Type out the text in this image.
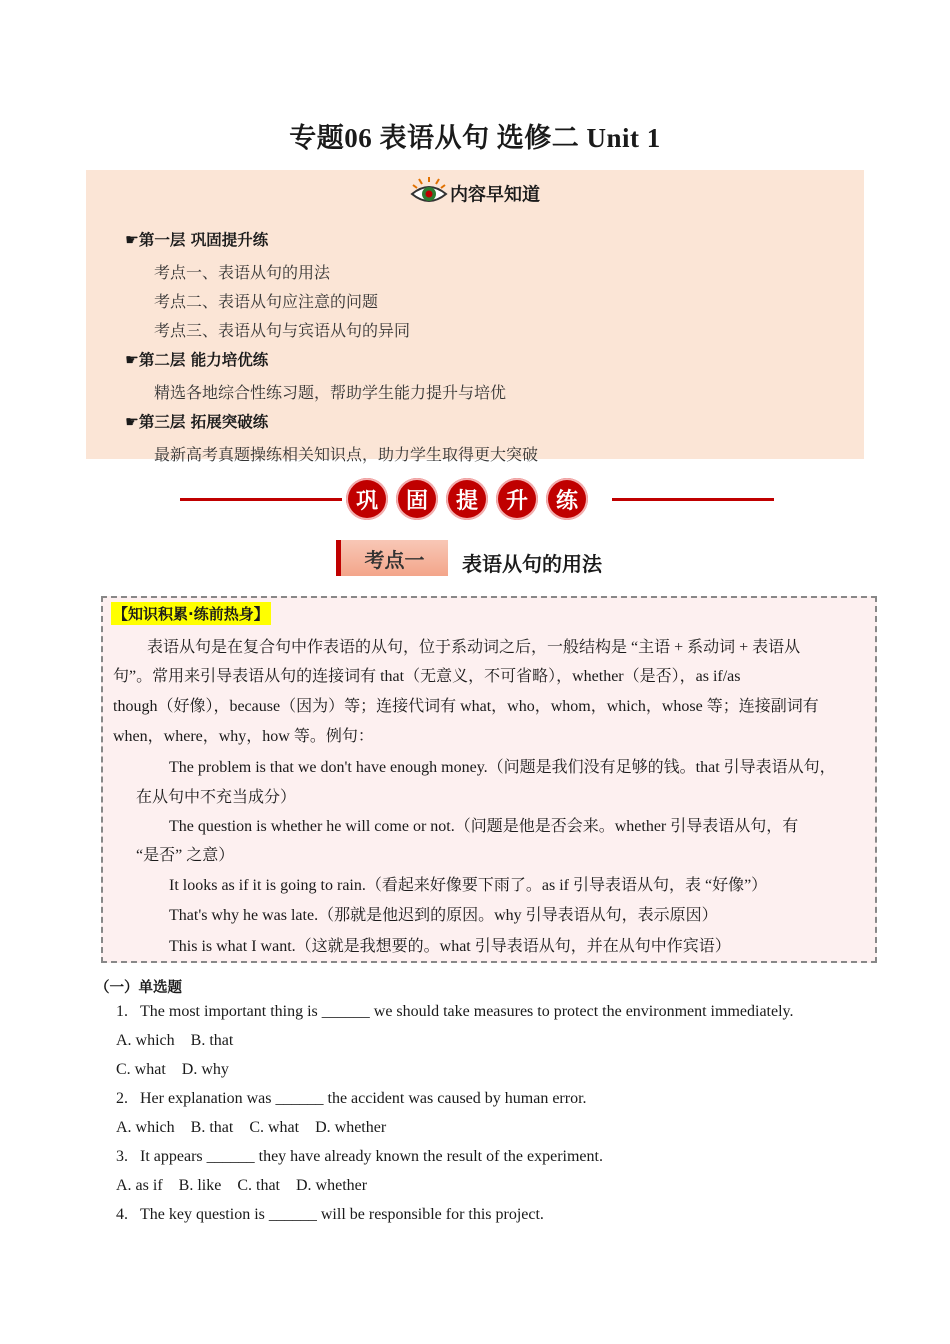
专题06 表语从句 选修二 Unit 1
内容早知道
☛第一层 巩固提升练
考点一、表语从句的用法
考点二、表语从句应注意的问题
考点三、表语从句与宾语从句的异同
☛第二层 能力培优练
精选各地综合性练习题，帮助学生能力提升与培优
☛第三层 拓展突破练
最新高考真题操练相关知识点，助力学生取得更大突破
巩	固	提	升	练
考点一	表语从句的用法
【知识积累·练前热身】
表语从句是在复合句中作表语的从句，位于系动词之后，一般结构是 “主语 + 系动词 + 表语从
句”。常用来引导表语从句的连接词有 that（无意义，不可省略），whether（是否），as if/as
though（好像），because（因为）等；连接代词有 what，who，whom，which，whose 等；连接副词有
when，where，why，how 等。例句：
The problem is that we don't have enough money.（问题是我们没有足够的钱。that 引导表语从句，
在从句中不充当成分）
The question is whether he will come or not.（问题是他是否会来。whether 引导表语从句，有
“是否” 之意）
It looks as if it is going to rain.（看起来好像要下雨了。as if 引导表语从句，表 “好像”）
That's why he was late.（那就是他迟到的原因。why 引导表语从句，表示原因）
This is what I want.（这就是我想要的。what 引导表语从句，并在从句中作宾语）
（一）单选题
1.   The most important thing is ______ we should take measures to protect the environment immediately.
A. which    B. that
C. what    D. why
2.   Her explanation was ______ the accident was caused by human error.
A. which    B. that    C. what    D. whether
3.   It appears ______ they have already known the result of the experiment.
A. as if    B. like    C. that    D. whether
4.   The key question is ______ will be responsible for this project.
